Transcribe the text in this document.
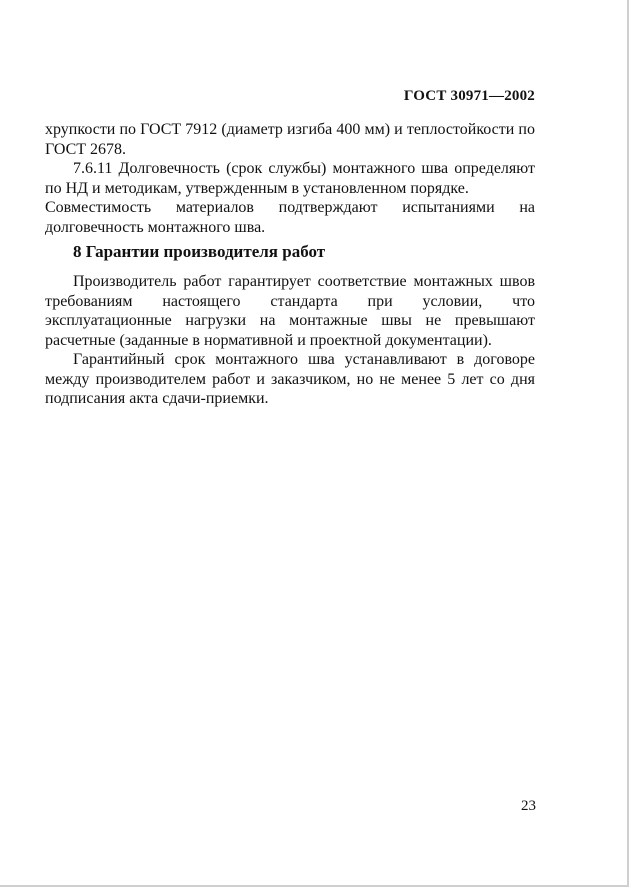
ГОСТ 30971—2002

хрупкости по ГОСТ 7912 (диаметр изгиба 400 мм) и теплостойкости по ГОСТ 2678.

7.6.11 Долговечность (срок службы) монтажного шва определяют по НД и методикам, утвержденным в установленном порядке.

Совместимость материалов подтверждают испытаниями на долговечность монтажного шва.

8 Гарантии производителя работ

Производитель работ гарантирует соответствие монтажных швов требованиям настоящего стандарта при условии, что эксплуатационные нагрузки на монтажные швы не превышают расчетные (заданные в нормативной и проектной документации).

Гарантийный срок монтажного шва устанавливают в договоре между производителем работ и заказчиком, но не менее 5 лет со дня подписания акта сдачи-приемки.

23
